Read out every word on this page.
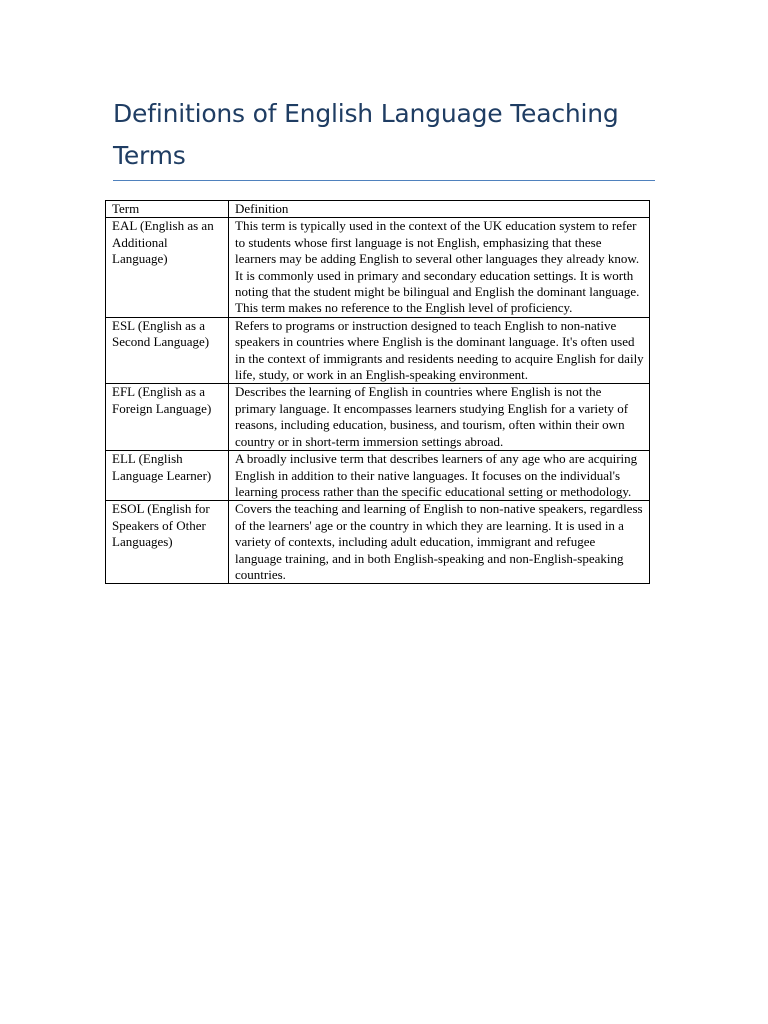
Definitions of English Language Teaching Terms
Term	Definition
EAL (English as an Additional Language)	This term is typically used in the context of the UK education system to refer to students whose first language is not English, emphasizing that these learners may be adding English to several other languages they already know. It is commonly used in primary and secondary education settings. It is worth noting that the student might be bilingual and English the dominant language. This term makes no reference to the English level of proficiency.
ESL (English as a Second Language)	Refers to programs or instruction designed to teach English to non-native speakers in countries where English is the dominant language. It's often used in the context of immigrants and residents needing to acquire English for daily life, study, or work in an English-speaking environment.
EFL (English as a Foreign Language)	Describes the learning of English in countries where English is not the primary language. It encompasses learners studying English for a variety of reasons, including education, business, and tourism, often within their own country or in short-term immersion settings abroad.
ELL (English Language Learner)	A broadly inclusive term that describes learners of any age who are acquiring English in addition to their native languages. It focuses on the individual's learning process rather than the specific educational setting or methodology.
ESOL (English for Speakers of Other Languages)	Covers the teaching and learning of English to non-native speakers, regardless of the learners' age or the country in which they are learning. It is used in a variety of contexts, including adult education, immigrant and refugee language training, and in both English-speaking and non-English-speaking countries.
